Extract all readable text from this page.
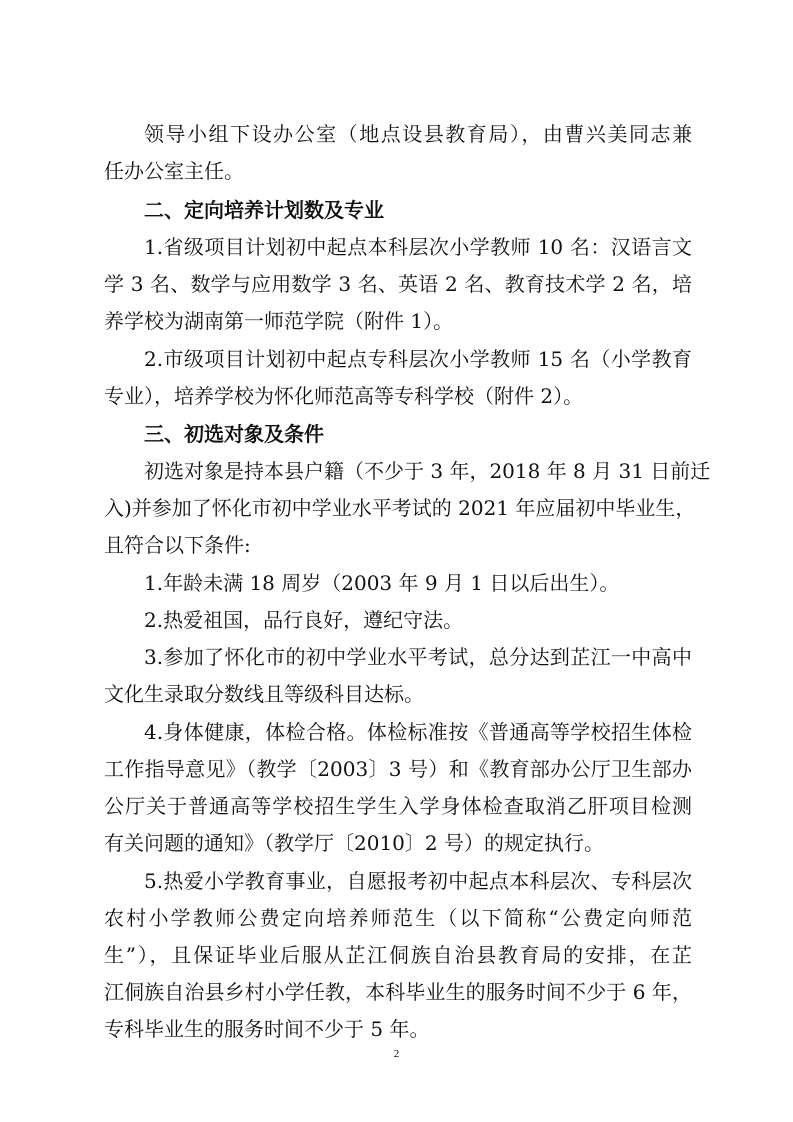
领导小组下设办公室（地点设县教育局），由曹兴美同志兼
任办公室主任。
二、定向培养计划数及专业
1.省级项目计划初中起点本科层次小学教师 10 名：汉语言文
学 3 名、数学与应用数学 3 名、英语 2 名、教育技术学 2 名，培
养学校为湖南第一师范学院（附件 1）。
2.市级项目计划初中起点专科层次小学教师 15 名（小学教育
专业），培养学校为怀化师范高等专科学校（附件 2）。
三、初选对象及条件
初选对象是持本县户籍（不少于 3 年，2018 年 8 月 31 日前迁
入)并参加了怀化市初中学业水平考试的 2021 年应届初中毕业生，
且符合以下条件:
1.年龄未满 18 周岁（2003 年 9 月 1 日以后出生）。
2.热爱祖国，品行良好，遵纪守法。
3.参加了怀化市的初中学业水平考试，总分达到芷江一中高中
文化生录取分数线且等级科目达标。
4.身体健康，体检合格。体检标准按《普通高等学校招生体检
工作指导意见》（教学〔2003〕3 号）和《教育部办公厅卫生部办
公厅关于普通高等学校招生学生入学身体检查取消乙肝项目检测
有关问题的通知》（教学厅〔2010〕2 号）的规定执行。
5.热爱小学教育事业，自愿报考初中起点本科层次、专科层次
农村小学教师公费定向培养师范生（以下简称“公费定向师范
生”），且保证毕业后服从芷江侗族自治县教育局的安排，在芷
江侗族自治县乡村小学任教，本科毕业生的服务时间不少于 6 年，
专科毕业生的服务时间不少于 5 年。
2
